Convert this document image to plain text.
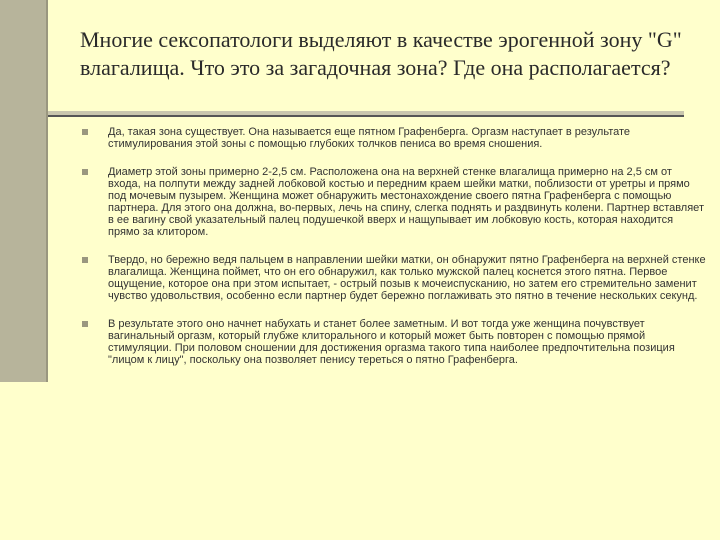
Многие сексопатологи выделяют в качестве эрогенной зону "G" влагалища. Что это за загадочная зона? Где она располагается?
Да, такая зона существует. Она называется еще пятном Графенберга. Оргазм наступает в результате стимулирования этой зоны с помощью глубоких толчков пениса во время сношения.
Диаметр этой зоны примерно 2-2,5 см. Расположена она на верхней стенке влагалища примерно на 2,5 см от входа, на полпути между задней лобковой костью и передним краем шейки матки, поблизости от уретры и прямо под мочевым пузырем. Женщина может обнаружить местонахождение своего пятна Графенберга с помощью партнера. Для этого она должна, во-первых, лечь на спину, слегка поднять и раздвинуть колени. Партнер вставляет в ее вагину свой указательный палец подушечкой вверх и нащупывает им лобковую кость, которая находится прямо за клитором.
Твердо, но бережно ведя пальцем в направлении шейки матки, он обнаружит пятно Графенберга на верхней стенке влагалища. Женщина поймет, что он его обнаружил, как только мужской палец коснется этого пятна. Первое ощущение, которое она при этом испытает, - острый позыв к мочеиспусканию, но затем его стремительно заменит чувство удовольствия, особенно если партнер будет бережно поглаживать это пятно в течение нескольких секунд.
В результате этого оно начнет набухать и станет более заметным. И вот тогда уже женщина почувствует вагинальный оргазм, который глубже клиторального и который может быть повторен с помощью прямой стимуляции. При половом сношении для достижения оргазма такого типа наиболее предпочтительна позиция "лицом к лицу", поскольку она позволяет пенису тереться о пятно Графенберга.
